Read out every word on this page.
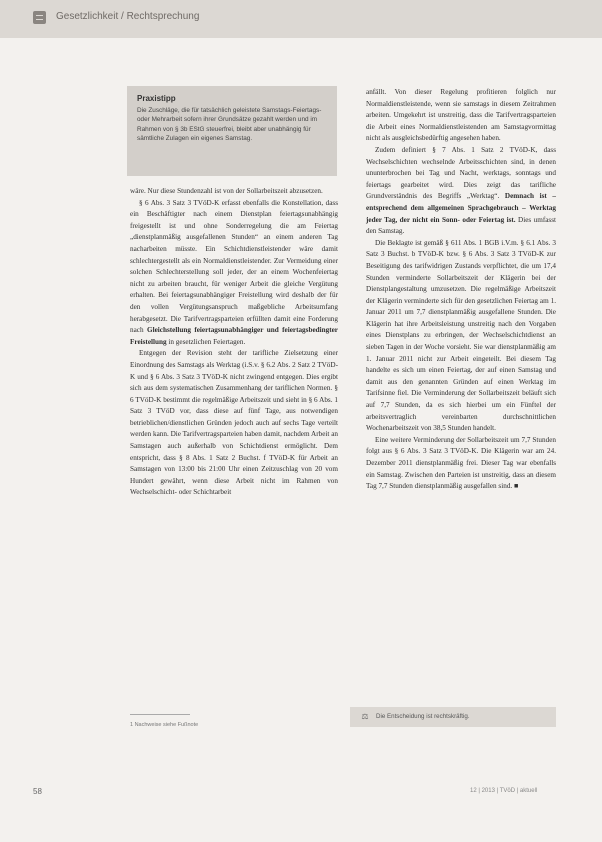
Gesetzlichkeit / Rechtsprechung
Praxistipp
Die Zuschläge, die für tatsächlich geleistete Samstags-Feiertags- oder Mehrarbeit sofern ihrer Grundsätze gezahlt werden und im Rahmen von § 3b EStG steuerfrei, bleibt aber unabhängig für sämtliche Zulagen ein eigenes Samstag.

wäre. Nur diese Stundenzahl ist von der Sollarbeitszeit abzusetzen.

§ 6 Abs. 3 Satz 3 TVöD-K erfasst ebenfalls die Konstellation, dass ein Beschäftigter nach einem Dienstplan feiertagsunabhängig freigestellt ist und ohne Sonderregelung die am Feiertag „dienstplanmäßig ausgefallenen Stunden“ an einem anderen Tag nacharbeiten müsste. Ein Schichtdienstleistender wäre damit schlechtergestellt als ein Normaldienstleistender. Zur Vermeidung einer solchen Schlechterstellung soll jeder, der an einem Wochenfeiertag nicht zu arbeiten braucht, für weniger Arbeit die gleiche Vergütung erhalten. Bei feiertagsunabhängiger Freistellung wird deshalb der für den vollen Vergütungsanspruch maßgebliche Arbeitsumfang herabgesetzt. Die Tarifvertragsparteien erfüllten damit eine Forderung nach Gleichstellung feiertagsunabhängiger und feiertagsbedingter Freistellung in gesetzlichen Feiertagen.

Entgegen der Revision steht der tarifliche Zielsetzung einer Einordnung des Samstags als Werktag (i.S.v. § 6.2 Abs. 2 Satz 2 TVöD-K und § 6 Abs. 3 Satz 3 TVöD-K nicht zwingend entgegen. Dies ergibt sich aus dem systematischen Zusammenhang der tariflichen Normen. § 6 TVöD-K bestimmt die regelmäßige Arbeitszeit und sieht in § 6 Abs. 1 Satz 3 TVöD vor, dass diese auf fünf Tage, aus notwendigen betrieblichen/dienstlichen Gründen jedoch auch auf sechs Tage verteilt werden kann. Die Tarifvertragsparteien haben damit, nachdem Arbeit an Samstagen auch außerhalb von Schichtdienst ermöglicht. Dem entspricht, dass § 8 Abs. 1 Satz 2 Buchst. f TVöD-K für Arbeit an Samstagen von 13:00 bis 21:00 Uhr einen Zeitzuschlag von 20 vom Hundert gewährt, wenn diese Arbeit nicht im Rahmen von Wechselschicht- oder Schichtarbeit

anfällt. Von dieser Regelung profitieren folglich nur Normaldienstleistende, wenn sie samstags in diesem Zeitrahmen arbeiten. Umgekehrt ist unstreitig, dass die Tarifvertragsparteien die Arbeit eines Normaldienstleistenden am Samstagvormittag nicht als ausgleichsbedürftig angesehen haben.

Zudem definiert § 7 Abs. 1 Satz 2 TVöD-K, dass Wechselschichten wechselnde Arbeitsschichten sind, in denen ununterbrochen bei Tag und Nacht, werktags, sonntags und feiertags gearbeitet wird. Dies zeigt das tarifliche Grundverständnis des Begriffs „Werktag“. Demnach ist – entsprechend dem allgemeinen Sprachgebrauch – Werktag jeder Tag, der nicht ein Sonn- oder Feiertag ist. Dies umfasst den Samstag.

Die Beklagte ist gemäß § 611 Abs. 1 BGB i.V.m. § 6.1 Abs. 3 Satz 3 Buchst. b TVöD-K bzw. § 6 Abs. 3 Satz 3 TVöD-K zur Beseitigung des tarifwidrigen Zustands verpflichtet, die um 17,4 Stunden verminderte Sollarbeitszeit der Klägerin bei der Dienstplangestaltung umzusetzen. Die regelmäßige Arbeitszeit der Klägerin verminderte sich für den gesetzlichen Feiertag am 1. Januar 2011 um 7,7 dienstplanmäßig ausgefallene Stunden. Die Klägerin hat ihre Arbeitsleistung unstreitig nach den Vorgaben eines Dienstplans zu erbringen, der Wechselschichtdienst an sieben Tagen in der Woche vorsieht. Sie war dienstplanmäßig am 1. Januar 2011 nicht zur Arbeit eingeteilt. Bei diesem Tag handelte es sich um einen Feiertag, der auf einen Samstag und damit aus den genannten Gründen auf einen Werktag im Tarifsinne fiel. Die Verminderung der Sollarbeitszeit beläuft sich auf 7,7 Stunden, da es sich hierbei um ein Fünftel der arbeitsvertraglich vereinbarten durchschnittlichen Wochenarbeitszeit von 38,5 Stunden handelt.

Eine weitere Verminderung der Sollarbeitszeit um 7,7 Stunden folgt aus § 6 Abs. 3 Satz 3 TVöD-K. Die Klägerin war am 24. Dezember 2011 dienstplanmäßig frei. Dieser Tag war ebenfalls ein Samstag. Zwischen den Parteien ist unstreitig, dass an diesem Tag 7,7 Stunden dienstplanmäßig ausgefallen sind. ■

1 Nachweise siehe Fußnote
⚖ Die Entscheidung ist rechtskräftig.
58	12 | 2013 | TVöD | aktuell
